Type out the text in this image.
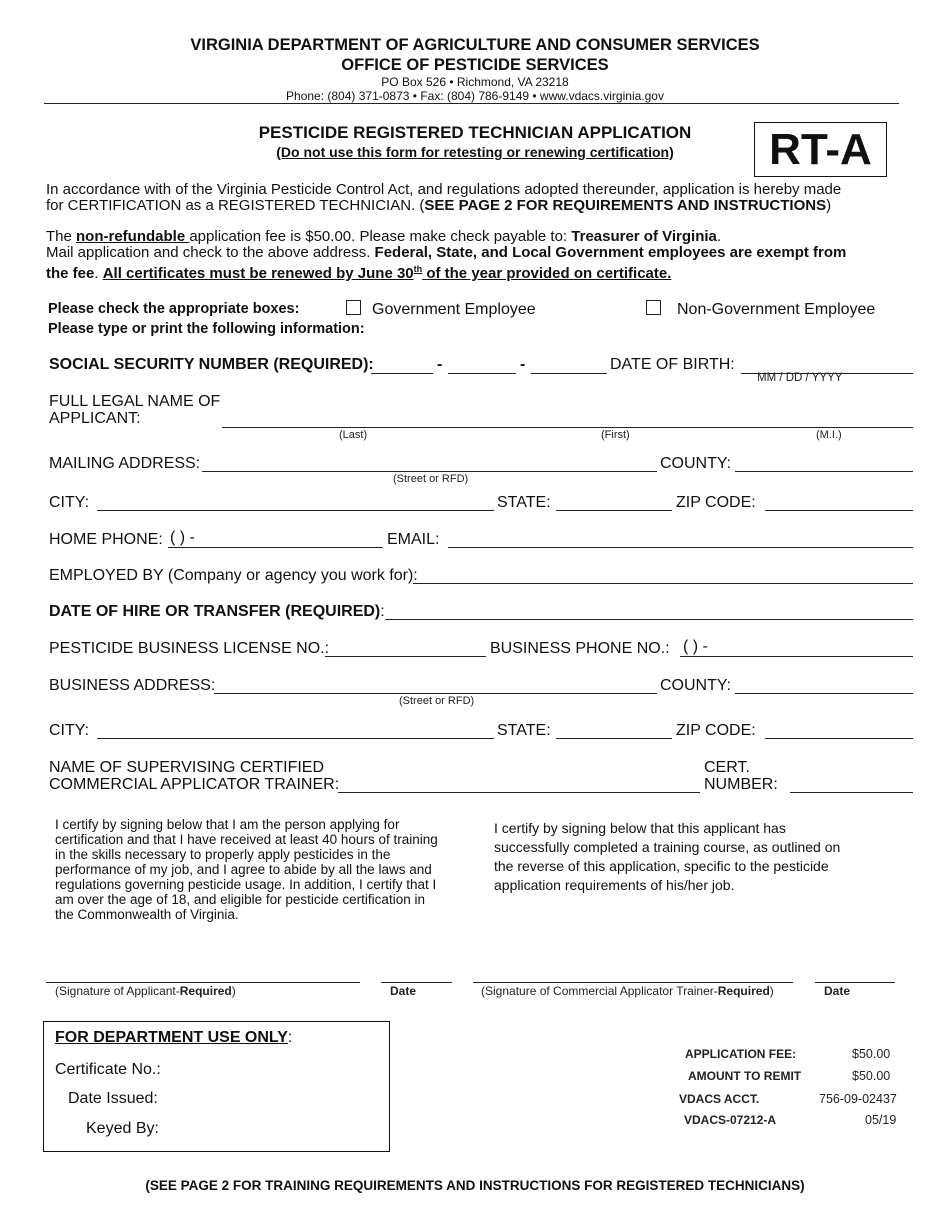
VIRGINIA DEPARTMENT OF AGRICULTURE AND CONSUMER SERVICES
OFFICE OF PESTICIDE SERVICES
PO Box 526 • Richmond, VA 23218
Phone: (804) 371-0873 • Fax: (804) 786-9149 • www.vdacs.virginia.gov
PESTICIDE REGISTERED TECHNICIAN APPLICATION
(Do not use this form for retesting or renewing certification)	RT-A
In accordance with of the Virginia Pesticide Control Act, and regulations adopted thereunder, application is hereby made
for CERTIFICATION as a REGISTERED TECHNICIAN. (SEE PAGE 2 FOR REQUIREMENTS AND INSTRUCTIONS)
The non-refundable application fee is $50.00. Please make check payable to: Treasurer of Virginia.
Mail application and check to the above address. Federal, State, and Local Government employees are exempt from
the fee. All certificates must be renewed by June 30th of the year provided on certificate.
Please check the appropriate boxes:	Government Employee	Non-Government Employee
Please type or print the following information:
SOCIAL SECURITY NUMBER (REQUIRED):	-	-	DATE OF BIRTH:
MM / DD / YYYY
FULL LEGAL NAME OF
APPLICANT:
(Last)	(First)	(M.I.)
MAILING ADDRESS:
(Street or RFD)
COUNTY:
CITY:	STATE:	ZIP CODE:
HOME PHONE: ( ) -	EMAIL:
EMPLOYED BY (Company or agency you work for):
DATE OF HIRE OR TRANSFER (REQUIRED):
PESTICIDE BUSINESS LICENSE NO.:	BUSINESS PHONE NO.: ( ) -
BUSINESS ADDRESS:
(Street or RFD)
COUNTY:
CITY:	STATE:	ZIP CODE:
NAME OF SUPERVISING CERTIFIED
COMMERCIAL APPLICATOR TRAINER:
CERT.
NUMBER:
I certify by signing below that I am the person applying for certification and that I have received at least 40 hours of training in the skills necessary to properly apply pesticides in the performance of my job, and I agree to abide by all the laws and regulations governing pesticide usage. In addition, I certify that I am over the age of 18, and eligible for pesticide certification in the Commonwealth of Virginia.
I certify by signing below that this applicant has successfully completed a training course, as outlined on the reverse of this application, specific to the pesticide application requirements of his/her job.
(Signature of Applicant-Required)	Date	(Signature of Commercial Applicator Trainer-Required)	Date
FOR DEPARTMENT USE ONLY:
Certificate No.:
Date Issued:
Keyed By:
APPLICATION FEE:	$50.00
AMOUNT TO REMIT	$50.00
VDACS ACCT.	756-09-02437
VDACS-07212-A	05/19
(SEE PAGE 2 FOR TRAINING REQUIREMENTS AND INSTRUCTIONS FOR REGISTERED TECHNICIANS)
